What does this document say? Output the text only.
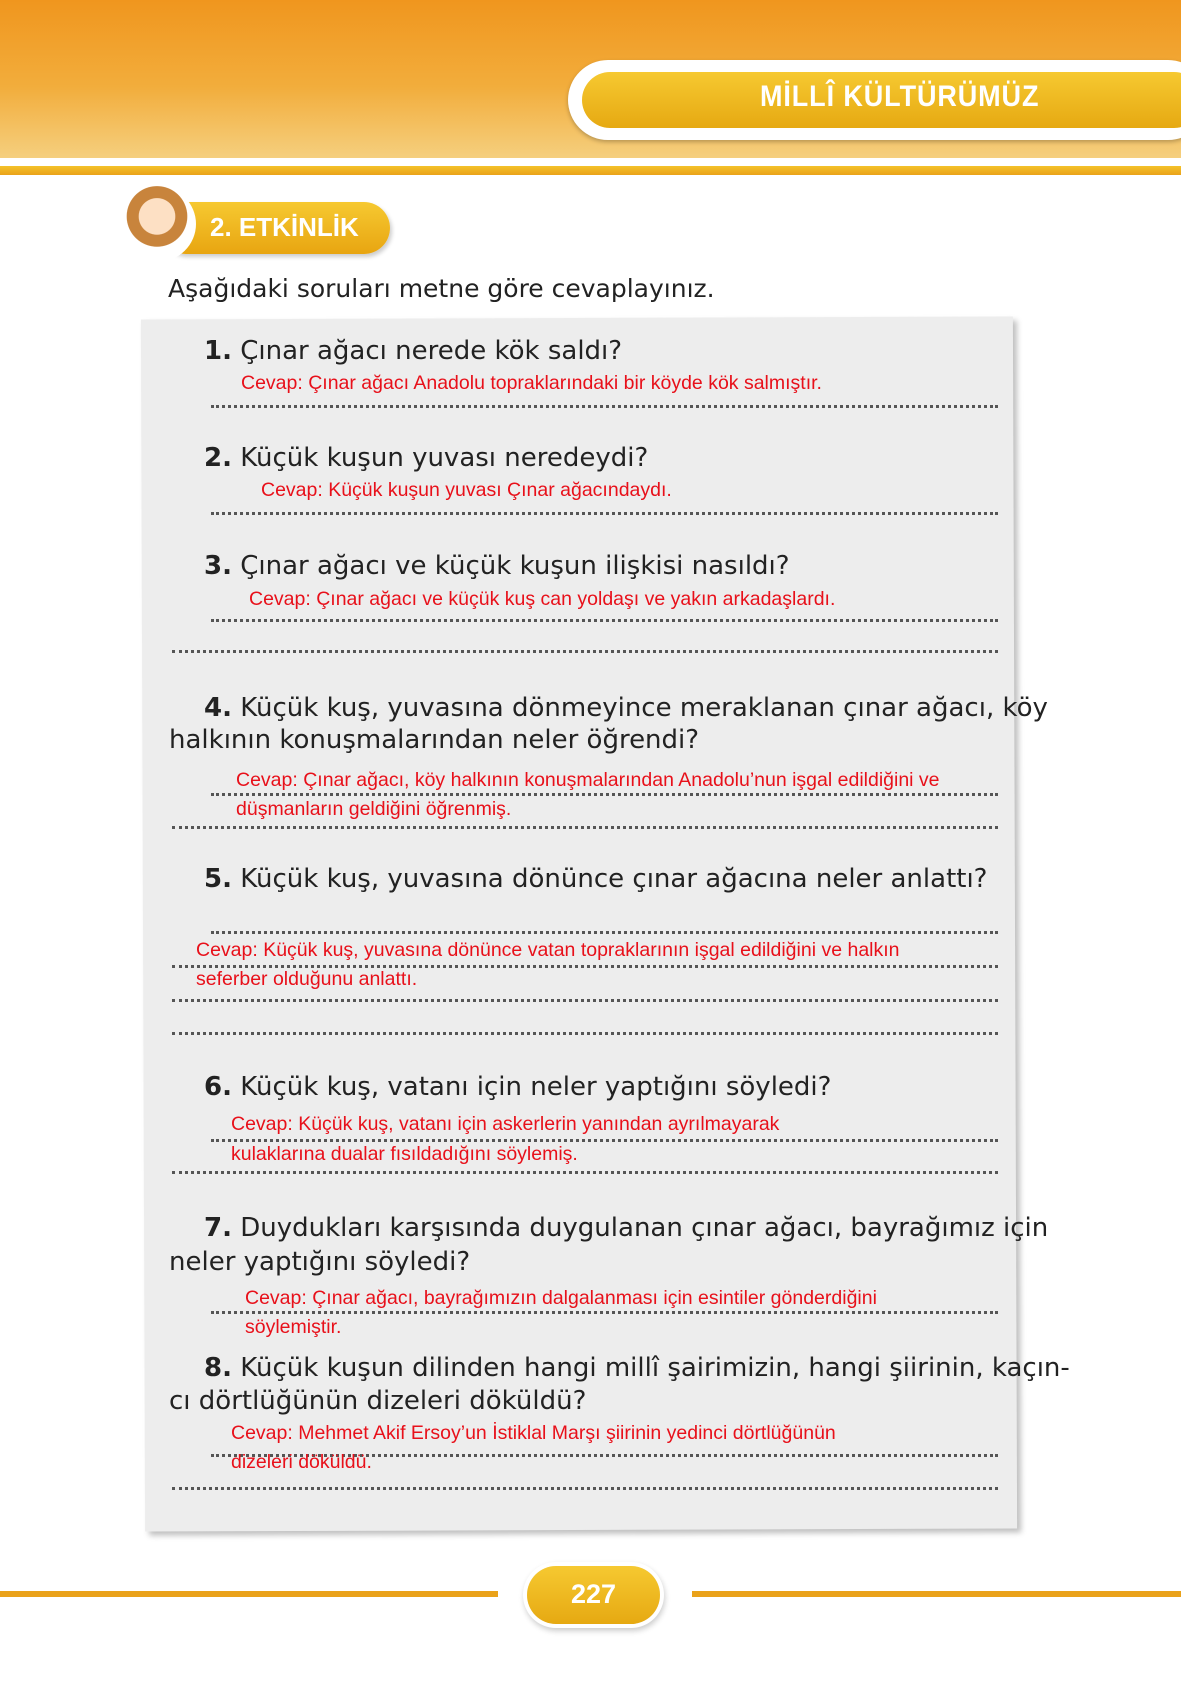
MİLLÎ KÜLTÜRÜMÜZ
2. ETKİNLİK
Aşağıdaki soruları metne göre cevaplayınız.
1. Çınar ağacı nerede kök saldı?
Cevap: Çınar ağacı Anadolu topraklarındaki bir köyde kök salmıştır.
2. Küçük kuşun yuvası neredeydi?
Cevap: Küçük kuşun yuvası Çınar ağacındaydı.
3. Çınar ağacı ve küçük kuşun ilişkisi nasıldı?
Cevap: Çınar ağacı ve küçük kuş can yoldaşı ve yakın arkadaşlardı.
4. Küçük kuş, yuvasına dönmeyince meraklanan çınar ağacı, köy
halkının konuşmalarından neler öğrendi?
Cevap: Çınar ağacı, köy halkının konuşmalarından Anadolu’nun işgal edildiğini ve
düşmanların geldiğini öğrenmiş.
5. Küçük kuş, yuvasına dönünce çınar ağacına neler anlattı?
Cevap: Küçük kuş, yuvasına dönünce vatan topraklarının işgal edildiğini ve halkın
seferber olduğunu anlattı.
6. Küçük kuş, vatanı için neler yaptığını söyledi?
Cevap: Küçük kuş, vatanı için askerlerin yanından ayrılmayarak
kulaklarına dualar fısıldadığını söylemiş.
7. Duydukları karşısında duygulanan çınar ağacı, bayrağımız için
neler yaptığını söyledi?
Cevap: Çınar ağacı, bayrağımızın dalgalanması için esintiler gönderdiğini
söylemiştir.
8. Küçük kuşun dilinden hangi millî şairimizin, hangi şiirinin, kaçın-
cı dörtlüğünün dizeleri döküldü?
Cevap: Mehmet Akif Ersoy’un İstiklal Marşı şiirinin yedinci dörtlüğünün
dizeleri döküldü.
227
